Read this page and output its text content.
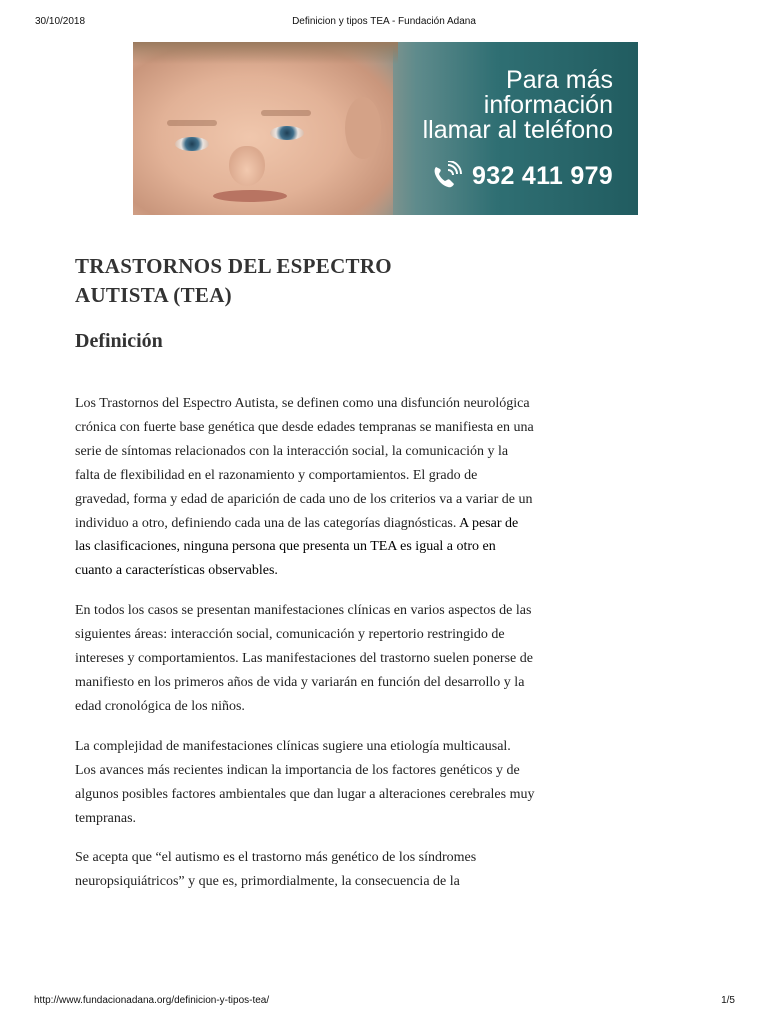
Definicion y tipos TEA - Fundación Adana
30/10/2018
Para más
información
llamar al teléfono
932 411 979
TRASTORNOS DEL ESPECTRO AUTISTA (TEA)
Definición

Los Trastornos del Espectro Autista, se definen como una disfunción neurológica crónica con fuerte base genética que desde edades tempranas se manifiesta en una serie de síntomas relacionados con la interacción social, la comunicación y la falta de flexibilidad en el razonamiento y comportamientos. El grado de gravedad, forma y edad de aparición de cada uno de los criterios va a variar de un individuo a otro, definiendo cada una de las categorías diagnósticas. A pesar de las clasificaciones, ninguna persona que presenta un TEA es igual a otro en cuanto a características observables.

En todos los casos se presentan manifestaciones clínicas en varios aspectos de las siguientes áreas: interacción social, comunicación y repertorio restringido de intereses y comportamientos. Las manifestaciones del trastorno suelen ponerse de manifiesto en los primeros años de vida y variarán en función del desarrollo y la edad cronológica de los niños.

La complejidad de manifestaciones clínicas sugiere una etiología multicausal. Los avances más recientes indican la importancia de los factores genéticos y de algunos posibles factores ambientales que dan lugar a alteraciones cerebrales muy tempranas.

Se acepta que “el autismo es el trastorno más genético de los síndromes neuropsiquiátricos” y que es, primordialmente, la consecuencia de la

http://www.fundacionadana.org/definicion-y-tipos-tea/	1/5
